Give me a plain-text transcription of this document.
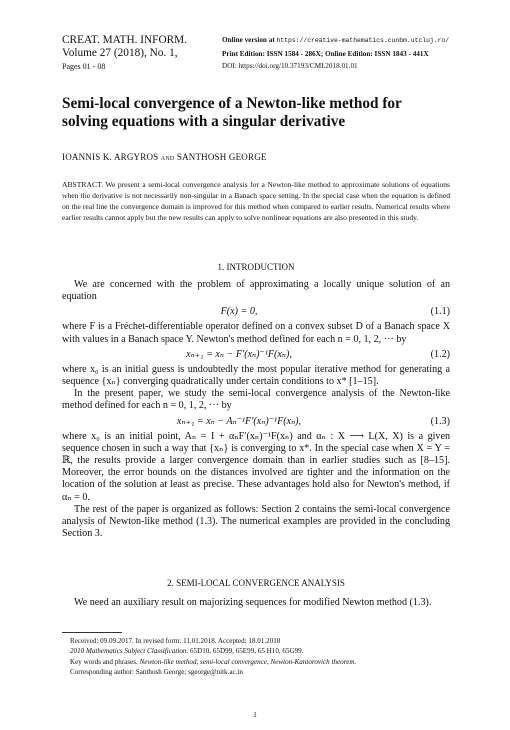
CREAT. MATH. INFORM.
Volume 27 (2018), No. 1,
Pages 01 - 08
Online version at https://creative-mathematics.cunbm.utcluj.ro/
Print Edition: ISSN 1584 - 286X; Online Edition: ISSN 1843 - 441X
DOI: https://doi.org/10.37193/CMI.2018.01.01
Semi-local convergence of a Newton-like method for solving equations with a singular derivative
IOANNIS K. ARGYROS and SANTHOSH GEORGE
ABSTRACT. We present a semi-local convergence analysis for a Newton-like method to approximate solutions of equations when the derivative is not necessarily non-singular in a Banach space setting. In the special case when the equation is defined on the real line the convergence domain is improved for this method when compared to earlier results. Numerical results where earlier results cannot apply but the new results can apply to solve nonlinear equations are also presented in this study.
1. INTRODUCTION

We are concerned with the problem of approximating a locally unique solution of an equation

F(x) = 0,	(1.1)

where F is a Fréchet-differentiable operator defined on a convex subset D of a Banach space X with values in a Banach space Y. Newton's method defined for each n = 0, 1, 2, ··· by

xₙ₊₁ = xₙ − F′(xₙ)⁻¹F(xₙ),	(1.2)

where x₀ is an initial guess is undoubtedly the most popular iterative method for generating a sequence {xₙ} converging quadratically under certain conditions to x* [1–15].

In the present paper, we study the semi-local convergence analysis of the Newton-like method defined for each n = 0, 1, 2, ··· by

xₙ₊₁ = xₙ − Aₙ⁻¹F′(xₙ)⁻¹F(xₙ),	(1.3)

where x₀ is an initial point, Aₙ = I + αₙF′(xₙ)⁻¹F(xₙ) and αₙ : X ⟶ L(X, X) is a given sequence chosen in such a way that {xₙ} is converging to x*. In the special case when X = Y = ℝ, the results provide a larger convergence domain than in earlier studies such as [8–15]. Moreover, the error bounds on the distances involved are tighter and the information on the location of the solution at least as precise. These advantages hold also for Newton's method, if αₙ = 0.

The rest of the paper is organized as follows: Section 2 contains the semi-local convergence analysis of Newton-like method (1.3). The numerical examples are provided in the concluding Section 3.

2. SEMI-LOCAL CONVERGENCE ANALYSIS

We need an auxiliary result on majorizing sequences for modified Newton method (1.3).

Received: 09.09.2017. In revised form: 11.01.2018. Accepted: 18.01.2018

2010 Mathematics Subject Classification. 65D10, 65D99, 65E99, 65 H10, 65G99.

Key words and phrases. Newton-like method, semi-local convergence, Newton-Kantorovich theorem.

Corresponding author: Santhosh George; sgeorge@nitk.ac.in

1
